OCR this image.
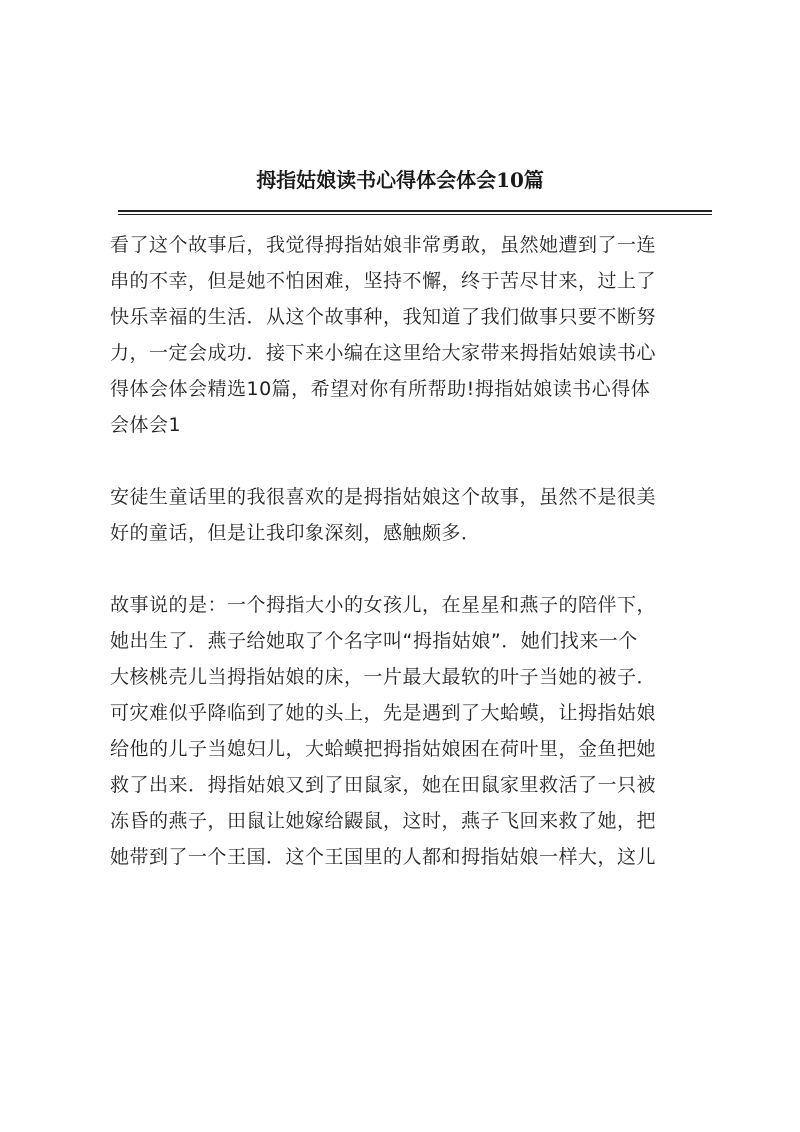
拇指姑娘读书心得体会体会10篇
看了这个故事后，我觉得拇指姑娘非常勇敢，虽然她遭到了一连
串的不幸，但是她不怕困难，坚持不懈，终于苦尽甘来，过上了
快乐幸福的生活．从这个故事种，我知道了我们做事只要不断努
力，一定会成功．接下来小编在这里给大家带来拇指姑娘读书心
得体会体会精选10篇，希望对你有所帮助!拇指姑娘读书心得体
会体会1
安徒生童话里的我很喜欢的是拇指姑娘这个故事，虽然不是很美
好的童话，但是让我印象深刻，感触颇多．
故事说的是：一个拇指大小的女孩儿，在星星和燕子的陪伴下，
她出生了．燕子给她取了个名字叫“拇指姑娘”．她们找来一个
大核桃壳儿当拇指姑娘的床，一片最大最软的叶子当她的被子．
可灾难似乎降临到了她的头上，先是遇到了大蛤蟆，让拇指姑娘
给他的儿子当媳妇儿，大蛤蟆把拇指姑娘困在荷叶里，金鱼把她
救了出来．拇指姑娘又到了田鼠家，她在田鼠家里救活了一只被
冻昏的燕子，田鼠让她嫁给鼹鼠，这时，燕子飞回来救了她，把
她带到了一个王国．这个王国里的人都和拇指姑娘一样大，这儿
